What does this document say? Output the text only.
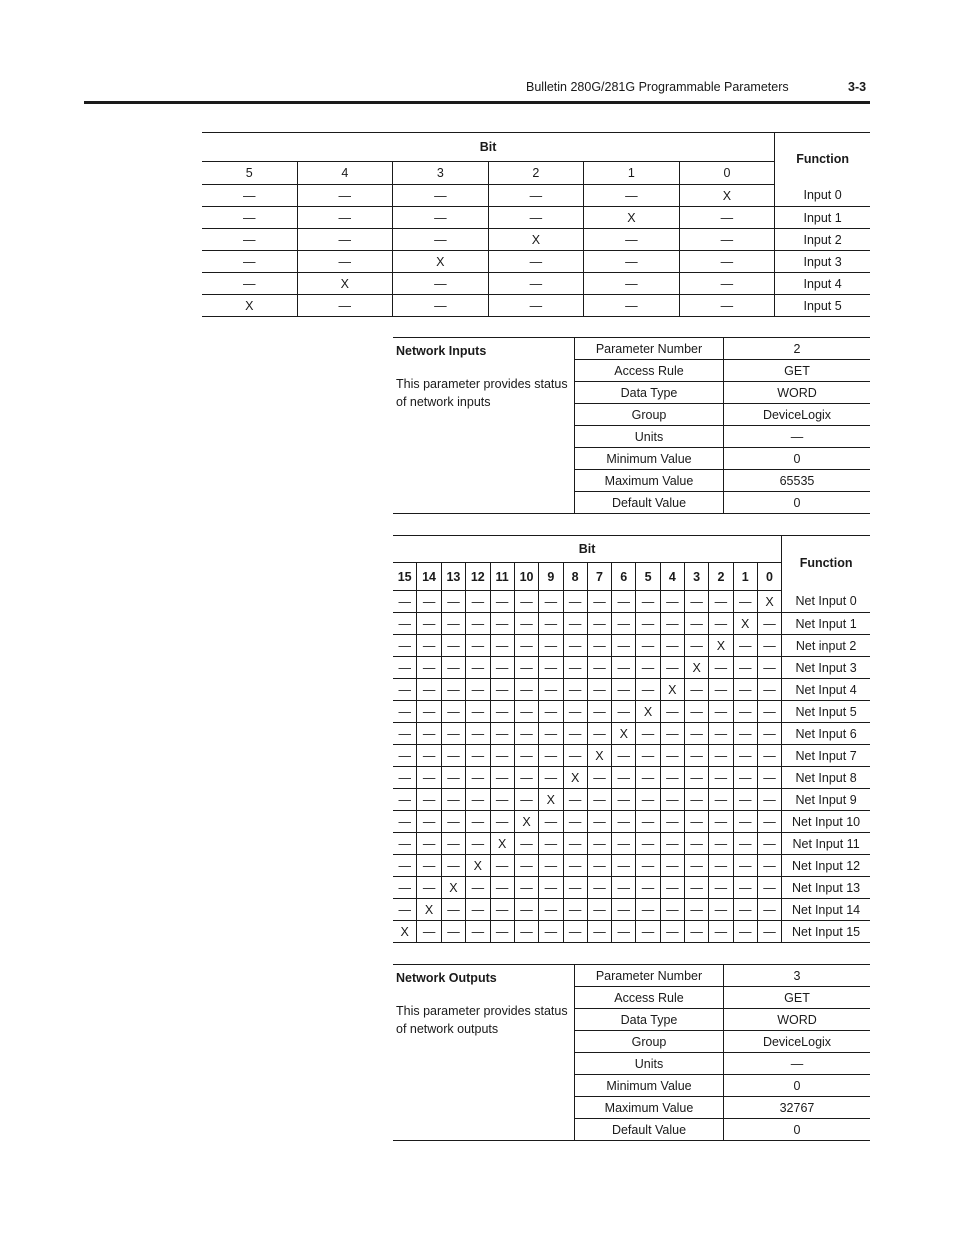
Bulletin 280G/281G Programmable Parameters	3-3
Bit						Function
5	4	3	2	1	0	
—	—	—	—	—	X	Input 0
—	—	—	—	X	—	Input 1
—	—	—	X	—	—	Input 2
—	—	X	—	—	—	Input 3
—	X	—	—	—	—	Input 4
X	—	—	—	—	—	Input 5
Network Inputs
This parameter provides status of network inputs	Parameter Number	2
	Access Rule	GET
	Data Type	WORD
	Group	DeviceLogix
	Units	—
	Minimum Value	0
	Maximum Value	65535
	Default Value	0
Bit																Function
15	14	13	12	11	10	9	8	7	6	5	4	3	2	1	0	
—	—	—	—	—	—	—	—	—	—	—	—	—	—	—	X	Net Input 0
—	—	—	—	—	—	—	—	—	—	—	—	—	—	X	—	Net Input 1
—	—	—	—	—	—	—	—	—	—	—	—	—	X	—	—	Net input 2
—	—	—	—	—	—	—	—	—	—	—	—	X	—	—	—	Net Input 3
—	—	—	—	—	—	—	—	—	—	—	X	—	—	—	—	Net Input 4
—	—	—	—	—	—	—	—	—	—	X	—	—	—	—	—	Net Input 5
—	—	—	—	—	—	—	—	—	X	—	—	—	—	—	—	Net Input 6
—	—	—	—	—	—	—	—	X	—	—	—	—	—	—	—	Net Input 7
—	—	—	—	—	—	—	X	—	—	—	—	—	—	—	—	Net Input 8
—	—	—	—	—	—	X	—	—	—	—	—	—	—	—	—	Net Input 9
—	—	—	—	—	X	—	—	—	—	—	—	—	—	—	—	Net Input 10
—	—	—	—	X	—	—	—	—	—	—	—	—	—	—	—	Net Input 11
—	—	—	X	—	—	—	—	—	—	—	—	—	—	—	—	Net Input 12
—	—	X	—	—	—	—	—	—	—	—	—	—	—	—	—	Net Input 13
—	X	—	—	—	—	—	—	—	—	—	—	—	—	—	—	Net Input 14
X	—	—	—	—	—	—	—	—	—	—	—	—	—	—	—	Net Input 15
Network Outputs
This parameter provides status of network outputs	Parameter Number	3
	Access Rule	GET
	Data Type	WORD
	Group	DeviceLogix
	Units	—
	Minimum Value	0
	Maximum Value	32767
	Default Value	0
